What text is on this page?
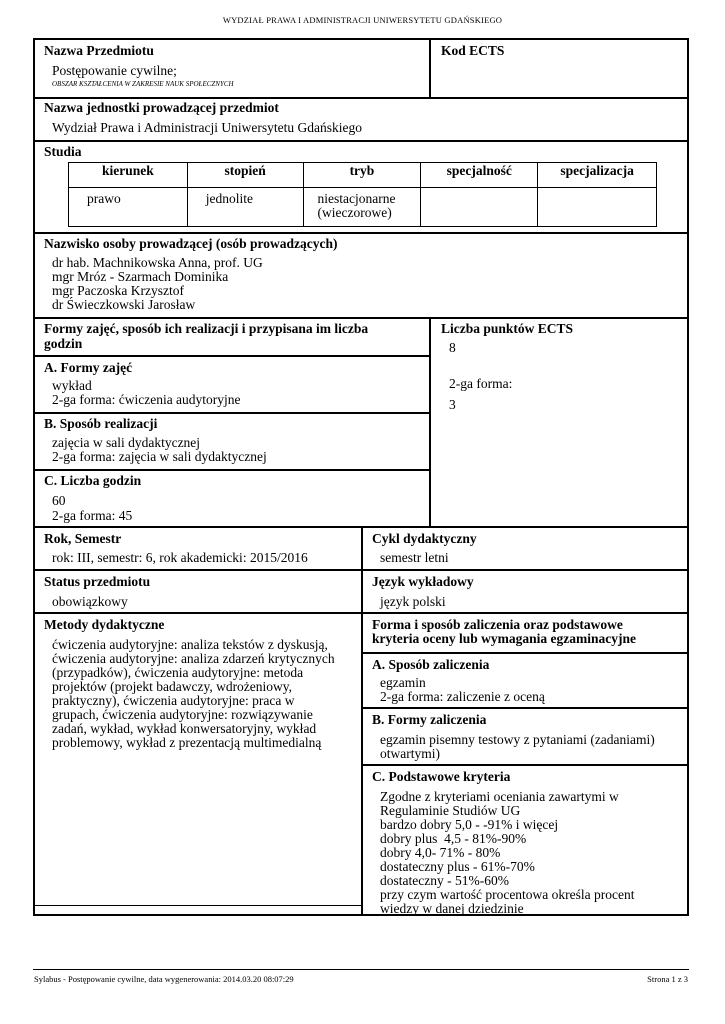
WYDZIAŁ PRAWA I ADMINISTRACJI UNIWERSYTETU GDAŃSKIEGO
Nazwa Przedmiotu
Postępowanie cywilne;
OBSZAR KSZTAŁCENIA W ZAKRESIE NAUK SPOŁECZNYCH
Kod ECTS
Nazwa jednostki prowadzącej przedmiot
Wydział Prawa i Administracji Uniwersytetu Gdańskiego
Studia
kierunek	stopień	tryb	specjalność	specjalizacja
prawo	jednolite	niestacjonarne
(wieczorowe)		
Nazwisko osoby prowadzącej (osób prowadzących)
dr hab. Machnikowska Anna, prof. UG
mgr Mróz - Szarmach Dominika
mgr Paczoska Krzysztof
dr Świeczkowski Jarosław
Formy zajęć, sposób ich realizacji i przypisana im liczba
godzin
A. Formy zajęć
wykład
2-ga forma: ćwiczenia audytoryjne
B. Sposób realizacji
zajęcia w sali dydaktycznej
2-ga forma: zajęcia w sali dydaktycznej
C. Liczba godzin
60
2-ga forma: 45
Liczba punktów ECTS
8
2-ga forma:
3
Rok, Semestr
rok: III, semestr: 6, rok akademicki: 2015/2016
Cykl dydaktyczny
semestr letni
Status przedmiotu
obowiązkowy
Język wykładowy
język polski
Metody dydaktyczne
ćwiczenia audytoryjne: analiza tekstów z dyskusją,
ćwiczenia audytoryjne: analiza zdarzeń krytycznych
(przypadków), ćwiczenia audytoryjne: metoda
projektów (projekt badawczy, wdrożeniowy,
praktyczny), ćwiczenia audytoryjne: praca w
grupach, ćwiczenia audytoryjne: rozwiązywanie
zadań, wykład, wykład konwersatoryjny, wykład
problemowy, wykład z prezentacją multimedialną
Forma i sposób zaliczenia oraz podstawowe
kryteria oceny lub wymagania egzaminacyjne
A. Sposób zaliczenia
egzamin
2-ga forma: zaliczenie z oceną
B. Formy zaliczenia
egzamin pisemny testowy z pytaniami (zadaniami)
otwartymi)
C. Podstawowe kryteria
Zgodne z kryteriami oceniania zawartymi w
Regulaminie Studiów UG
bardzo dobry 5,0 - -91% i więcej
dobry plus  4,5 - 81%-90%
dobry 4,0- 71% - 80%
dostateczny plus - 61%-70%
dostateczny - 51%-60%
przy czym wartość procentowa określa procent
wiedzy w danej dziedzinie
Sylabus - Postępowanie cywilne, data wygenerowania: 2014.03.20 08:07:29	Strona 1 z 3
